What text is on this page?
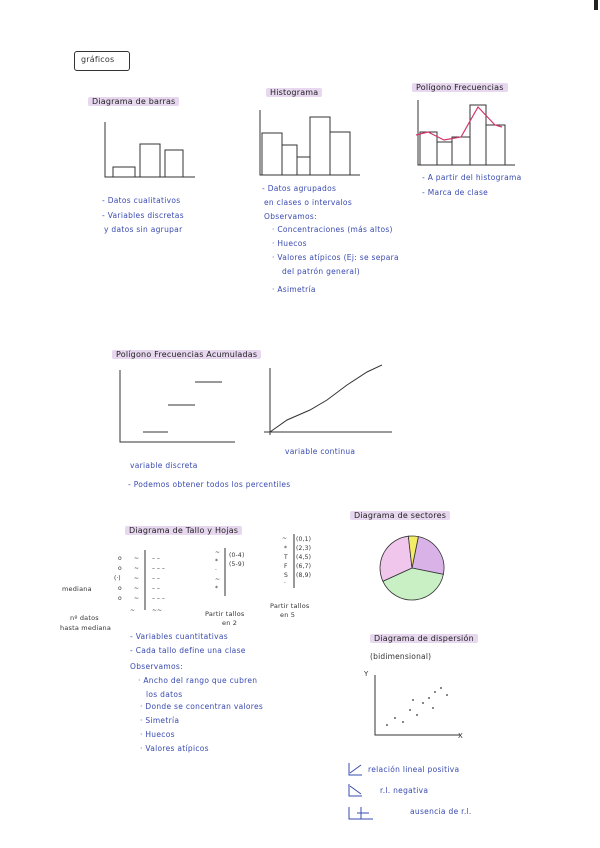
gráficos
Diagrama de barras
- Datos cualitativos
- Variables discretas
y datos sin agrupar
Histograma
- Datos agrupados
en clases o intervalos
Observamos:
· Concentraciones (más altos)
· Huecos
· Valores atípicos (Ej: se separa
del patrón general)
· Asimetría
Polígono Frecuencias
- A partir del histograma
- Marca de clase
Polígono Frecuencias Acumuladas
variable discreta
variable continua
- Podemos obtener todos los percentiles
Diagrama de Tallo y Hojas
o ~ – –
o ~ – – –
(·) ~ – –
o ~ – –
o ~ – – –
~	~~
mediana
nº datos
hasta mediana
~
*
·
~
*
(0-4)
(5-9)
Partir tallos
en 2
~
*
T
F
S
·
(0,1)
(2,3)
(4,5)
(6,7)
(8,9)
Partir tallos
en 5
- Variables cuantitativas
- Cada tallo define una clase
Observamos:
· Ancho del rango que cubren
los datos
· Donde se concentran valores
· Simetría
· Huecos
· Valores atípicos
Diagrama de sectores
Diagrama de dispersión
(bidimensional)
Y
X
relación lineal positiva
r.l. negativa
ausencia de r.l.
